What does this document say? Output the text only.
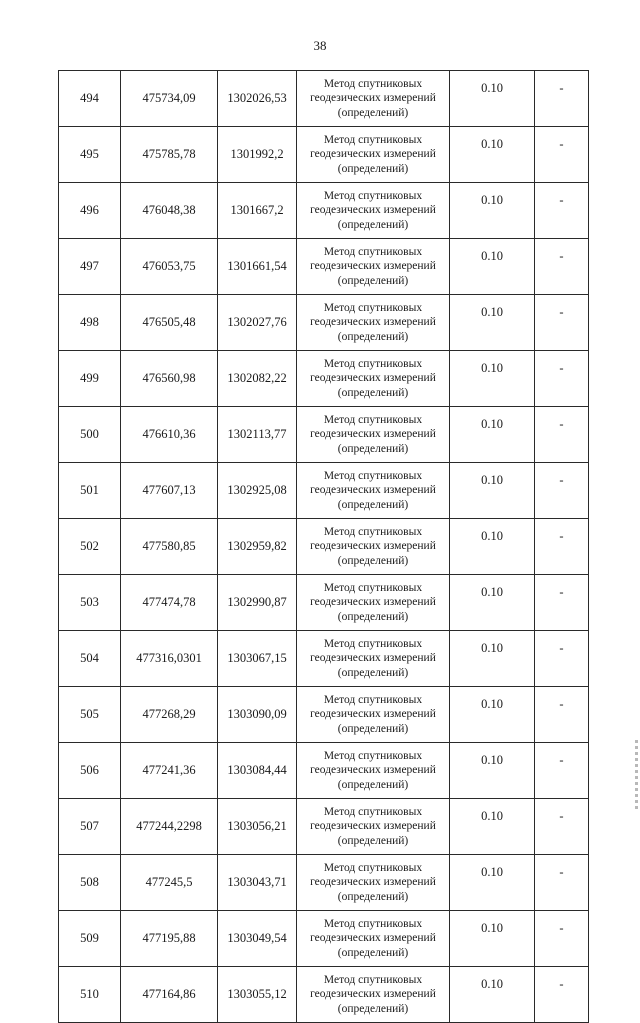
38
494	475734,09	1302026,53	Метод спутниковых
геодезических измерений
(определений)	0.10	-
495	475785,78	1301992,2	Метод спутниковых
геодезических измерений
(определений)	0.10	-
496	476048,38	1301667,2	Метод спутниковых
геодезических измерений
(определений)	0.10	-
497	476053,75	1301661,54	Метод спутниковых
геодезических измерений
(определений)	0.10	-
498	476505,48	1302027,76	Метод спутниковых
геодезических измерений
(определений)	0.10	-
499	476560,98	1302082,22	Метод спутниковых
геодезических измерений
(определений)	0.10	-
500	476610,36	1302113,77	Метод спутниковых
геодезических измерений
(определений)	0.10	-
501	477607,13	1302925,08	Метод спутниковых
геодезических измерений
(определений)	0.10	-
502	477580,85	1302959,82	Метод спутниковых
геодезических измерений
(определений)	0.10	-
503	477474,78	1302990,87	Метод спутниковых
геодезических измерений
(определений)	0.10	-
504	477316,0301	1303067,15	Метод спутниковых
геодезических измерений
(определений)	0.10	-
505	477268,29	1303090,09	Метод спутниковых
геодезических измерений
(определений)	0.10	-
506	477241,36	1303084,44	Метод спутниковых
геодезических измерений
(определений)	0.10	-
507	477244,2298	1303056,21	Метод спутниковых
геодезических измерений
(определений)	0.10	-
508	477245,5	1303043,71	Метод спутниковых
геодезических измерений
(определений)	0.10	-
509	477195,88	1303049,54	Метод спутниковых
геодезических измерений
(определений)	0.10	-
510	477164,86	1303055,12	Метод спутниковых
геодезических измерений
(определений)	0.10	-
